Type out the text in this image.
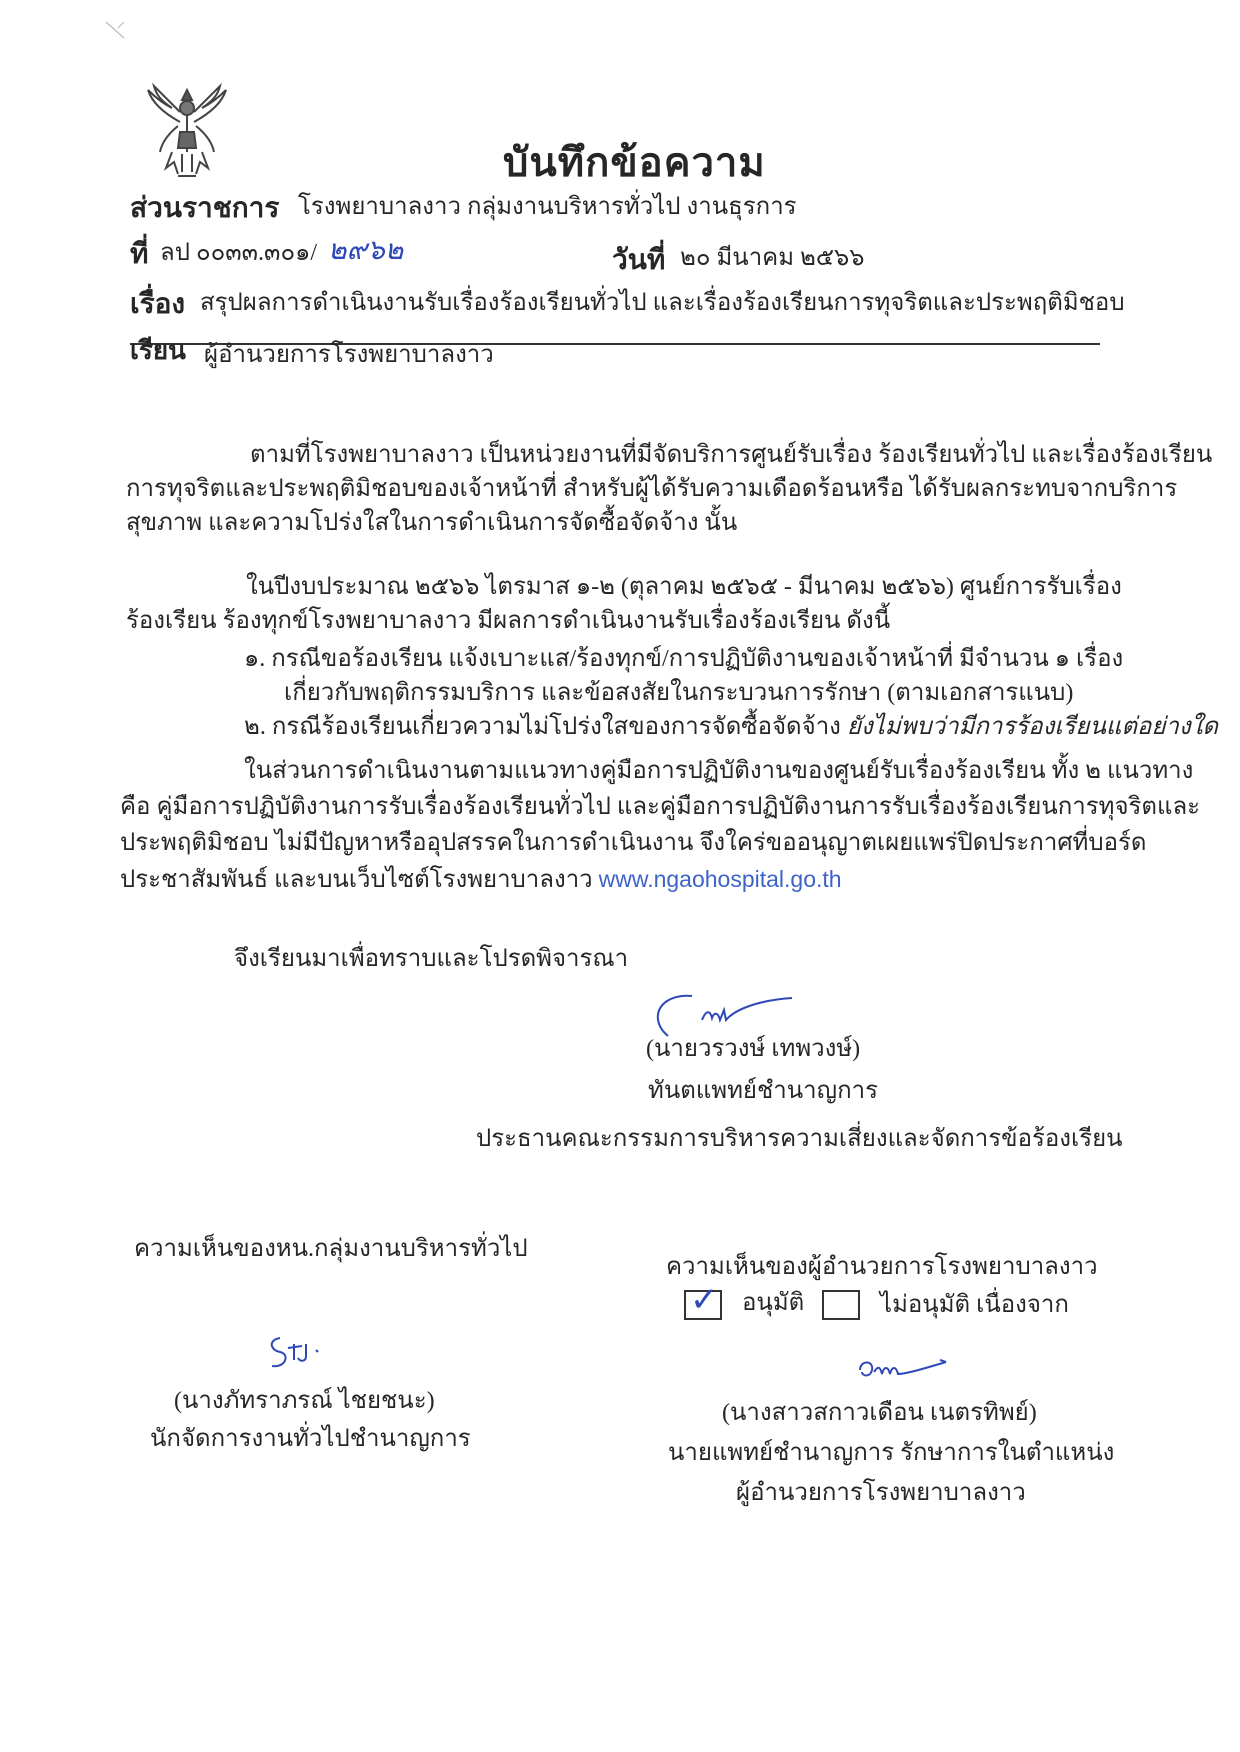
บันทึกข้อความ
ส่วนราชการ โรงพยาบาลงาว กลุ่มงานบริหารทั่วไป งานธุรการ
ที่ ลป ๐๐๓๓.๓๐๑/ ๒๙๖๒	วันที่ ๒๐ มีนาคม ๒๕๖๖
เรื่อง สรุปผลการดำเนินงานรับเรื่องร้องเรียนทั่วไป และเรื่องร้องเรียนการทุจริตและประพฤติมิชอบ
เรียน ผู้อำนวยการโรงพยาบาลงาว
ตามที่โรงพยาบาลงาว เป็นหน่วยงานที่มีจัดบริการศูนย์รับเรื่อง ร้องเรียนทั่วไป และเรื่องร้องเรียน
การทุจริตและประพฤติมิชอบของเจ้าหน้าที่ สำหรับผู้ได้รับความเดือดร้อนหรือ ได้รับผลกระทบจากบริการ
สุขภาพ และความโปร่งใสในการดำเนินการจัดซื้อจัดจ้าง นั้น
ในปีงบประมาณ ๒๕๖๖ ไตรมาส ๑-๒ (ตุลาคม ๒๕๖๕ - มีนาคม ๒๕๖๖) ศูนย์การรับเรื่อง
ร้องเรียน ร้องทุกข์โรงพยาบาลงาว มีผลการดำเนินงานรับเรื่องร้องเรียน ดังนี้
๑. กรณีขอร้องเรียน แจ้งเบาะแส/ร้องทุกข์/การปฏิบัติงานของเจ้าหน้าที่ มีจำนวน ๑ เรื่อง
เกี่ยวกับพฤติกรรมบริการ และข้อสงสัยในกระบวนการรักษา (ตามเอกสารแนบ)
๒. กรณีร้องเรียนเกี่ยวความไม่โปร่งใสของการจัดซื้อจัดจ้าง ยังไม่พบว่ามีการร้องเรียนแต่อย่างใด
ในส่วนการดำเนินงานตามแนวทางคู่มือการปฏิบัติงานของศูนย์รับเรื่องร้องเรียน ทั้ง ๒ แนวทาง
คือ คู่มือการปฏิบัติงานการรับเรื่องร้องเรียนทั่วไป และคู่มือการปฏิบัติงานการรับเรื่องร้องเรียนการทุจริตและ
ประพฤติมิชอบ ไม่มีปัญหาหรืออุปสรรคในการดำเนินงาน จึงใคร่ขออนุญาตเผยแพร่ปิดประกาศที่บอร์ด
ประชาสัมพันธ์ และบนเว็บไซต์โรงพยาบาลงาว www.ngaohospital.go.th
จึงเรียนมาเพื่อทราบและโปรดพิจารณา
(นายวรวงษ์ เทพวงษ์)
ทันตแพทย์ชำนาญการ
ประธานคณะกรรมการบริหารความเสี่ยงและจัดการข้อร้องเรียน
ความเห็นของหน.กลุ่มงานบริหารทั่วไป
(นางภัทราภรณ์ ไชยชนะ)
นักจัดการงานทั่วไปชำนาญการ
ความเห็นของผู้อำนวยการโรงพยาบาลงาว
✓ อนุมัติ	ไม่อนุมัติ เนื่องจาก
(นางสาวสกาวเดือน เนตรทิพย์)
นายแพทย์ชำนาญการ รักษาการในตำแหน่ง
ผู้อำนวยการโรงพยาบาลงาว
